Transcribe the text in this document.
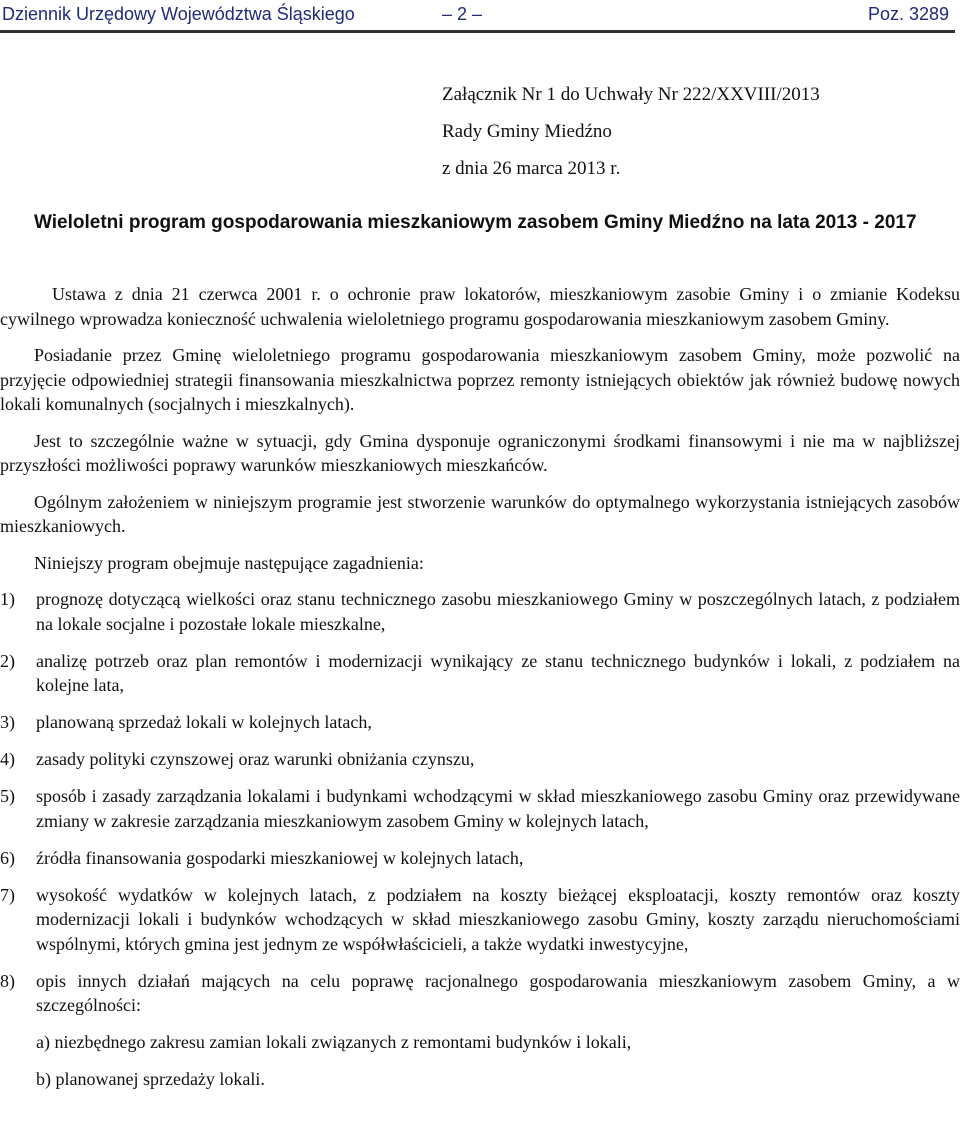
Dziennik Urzędowy Województwa Śląskiego	– 2 –	Poz. 3289
Załącznik Nr 1 do Uchwały Nr 222/XXVIII/2013
Rady Gminy Miedźno
z dnia 26 marca 2013 r.
Wieloletni program gospodarowania mieszkaniowym zasobem Gminy Miedźno na lata 2013 - 2017

Ustawa z dnia 21 czerwca 2001 r. o ochronie praw lokatorów, mieszkaniowym zasobie Gminy i o zmianie Kodeksu cywilnego wprowadza konieczność uchwalenia wieloletniego programu gospodarowania mieszkaniowym zasobem Gminy.

Posiadanie przez Gminę wieloletniego programu gospodarowania mieszkaniowym zasobem Gminy, może pozwolić na przyjęcie odpowiedniej strategii finansowania mieszkalnictwa poprzez remonty istniejących obiektów jak również budowę nowych lokali komunalnych (socjalnych i mieszkalnych).

Jest to szczególnie ważne w sytuacji, gdy Gmina dysponuje ograniczonymi środkami finansowymi i nie ma w najbliższej przyszłości możliwości poprawy warunków mieszkaniowych mieszkańców.

Ogólnym założeniem w niniejszym programie jest stworzenie warunków do optymalnego wykorzystania istniejących zasobów mieszkaniowych.

Niniejszy program obejmuje następujące zagadnienia:

1)	prognozę dotyczącą wielkości oraz stanu technicznego zasobu mieszkaniowego Gminy w poszczególnych latach, z podziałem na lokale socjalne i pozostałe lokale mieszkalne,
2)	analizę potrzeb oraz plan remontów i modernizacji wynikający ze stanu technicznego budynków i lokali, z podziałem na kolejne lata,
3)	planowaną sprzedaż lokali w kolejnych latach,
4)	zasady polityki czynszowej oraz warunki obniżania czynszu,
5)	sposób i zasady zarządzania lokalami i budynkami wchodzącymi w skład mieszkaniowego zasobu Gminy oraz przewidywane zmiany w zakresie zarządzania mieszkaniowym zasobem Gminy w kolejnych latach,
6)	źródła finansowania gospodarki mieszkaniowej w kolejnych latach,
7)	wysokość wydatków w kolejnych latach, z podziałem na koszty bieżącej eksploatacji, koszty remontów oraz koszty modernizacji lokali i budynków wchodzących w skład mieszkaniowego zasobu Gminy, koszty zarządu nieruchomościami wspólnymi, których gmina jest jednym ze współwłaścicieli, a także wydatki inwestycyjne,
8)	opis innych działań mających na celu poprawę racjonalnego gospodarowania mieszkaniowym zasobem Gminy, a w szczególności:
a) niezbędnego zakresu zamian lokali związanych z remontami budynków i lokali,
b) planowanej sprzedaży lokali.
